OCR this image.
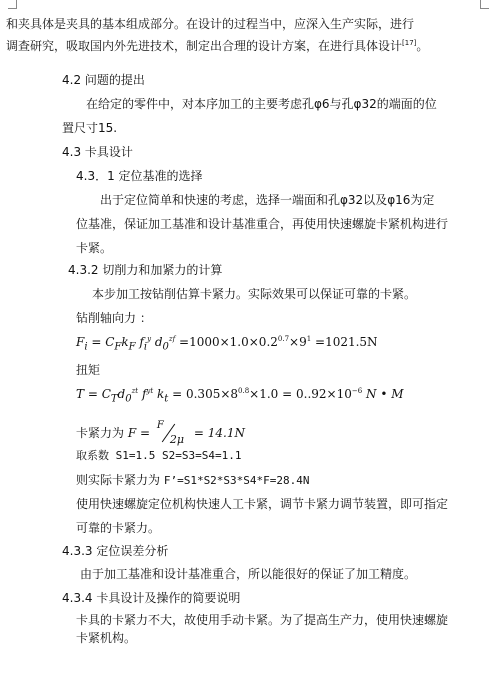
和夹具体是夹具的基本组成部分。在设计的过程当中，应深入生产实际，进行
调查研究，吸取国内外先进技术，制定出合理的设计方案，在进行具体设计[17]。
4.2 问题的提出
在给定的零件中，对本序加工的主要考虑孔φ6与孔φ32的端面的位
置尺寸15.
4.3 卡具设计
4.3．1 定位基准的选择
出于定位简单和快速的考虑，选择一端面和孔φ32以及φ16为定
位基准，保证加工基准和设计基准重合，再使用快速螺旋卡紧机构进行
卡紧。
4.3.2 切削力和加紧力的计算
本步加工按钻削估算卡紧力。实际效果可以保证可靠的卡紧。
钻削轴向力 ：
$F_i = C_Fk_F$ $f_i^y$ $d_0^{zf} =1000\times 1.0\times 0.2^{0.7}\times 9^1 =1021.5N$
扭矩
$T = C_Td_0^{zt}$ $f^{yt}$ $k_t = 0.305\times 8^{0.8}\times 1.0 = 0..92\times 10^{-6}$ N • M
卡紧力为 F =
F
2μ = 14.1N
取系数 S1=1.5 S2=S3=S4=1.1
则实际卡紧力为 F’=S1*S2*S3*S4*F=28.4N
使用快速螺旋定位机构快速人工卡紧，调节卡紧力调节装置，即可指定
可靠的卡紧力。
4.3.3 定位误差分析
由于加工基准和设计基准重合，所以能很好的保证了加工精度。
4.3.4 卡具设计及操作的简要说明
卡具的卡紧力不大，故使用手动卡紧。为了提高生产力，使用快速螺旋
卡紧机构。
